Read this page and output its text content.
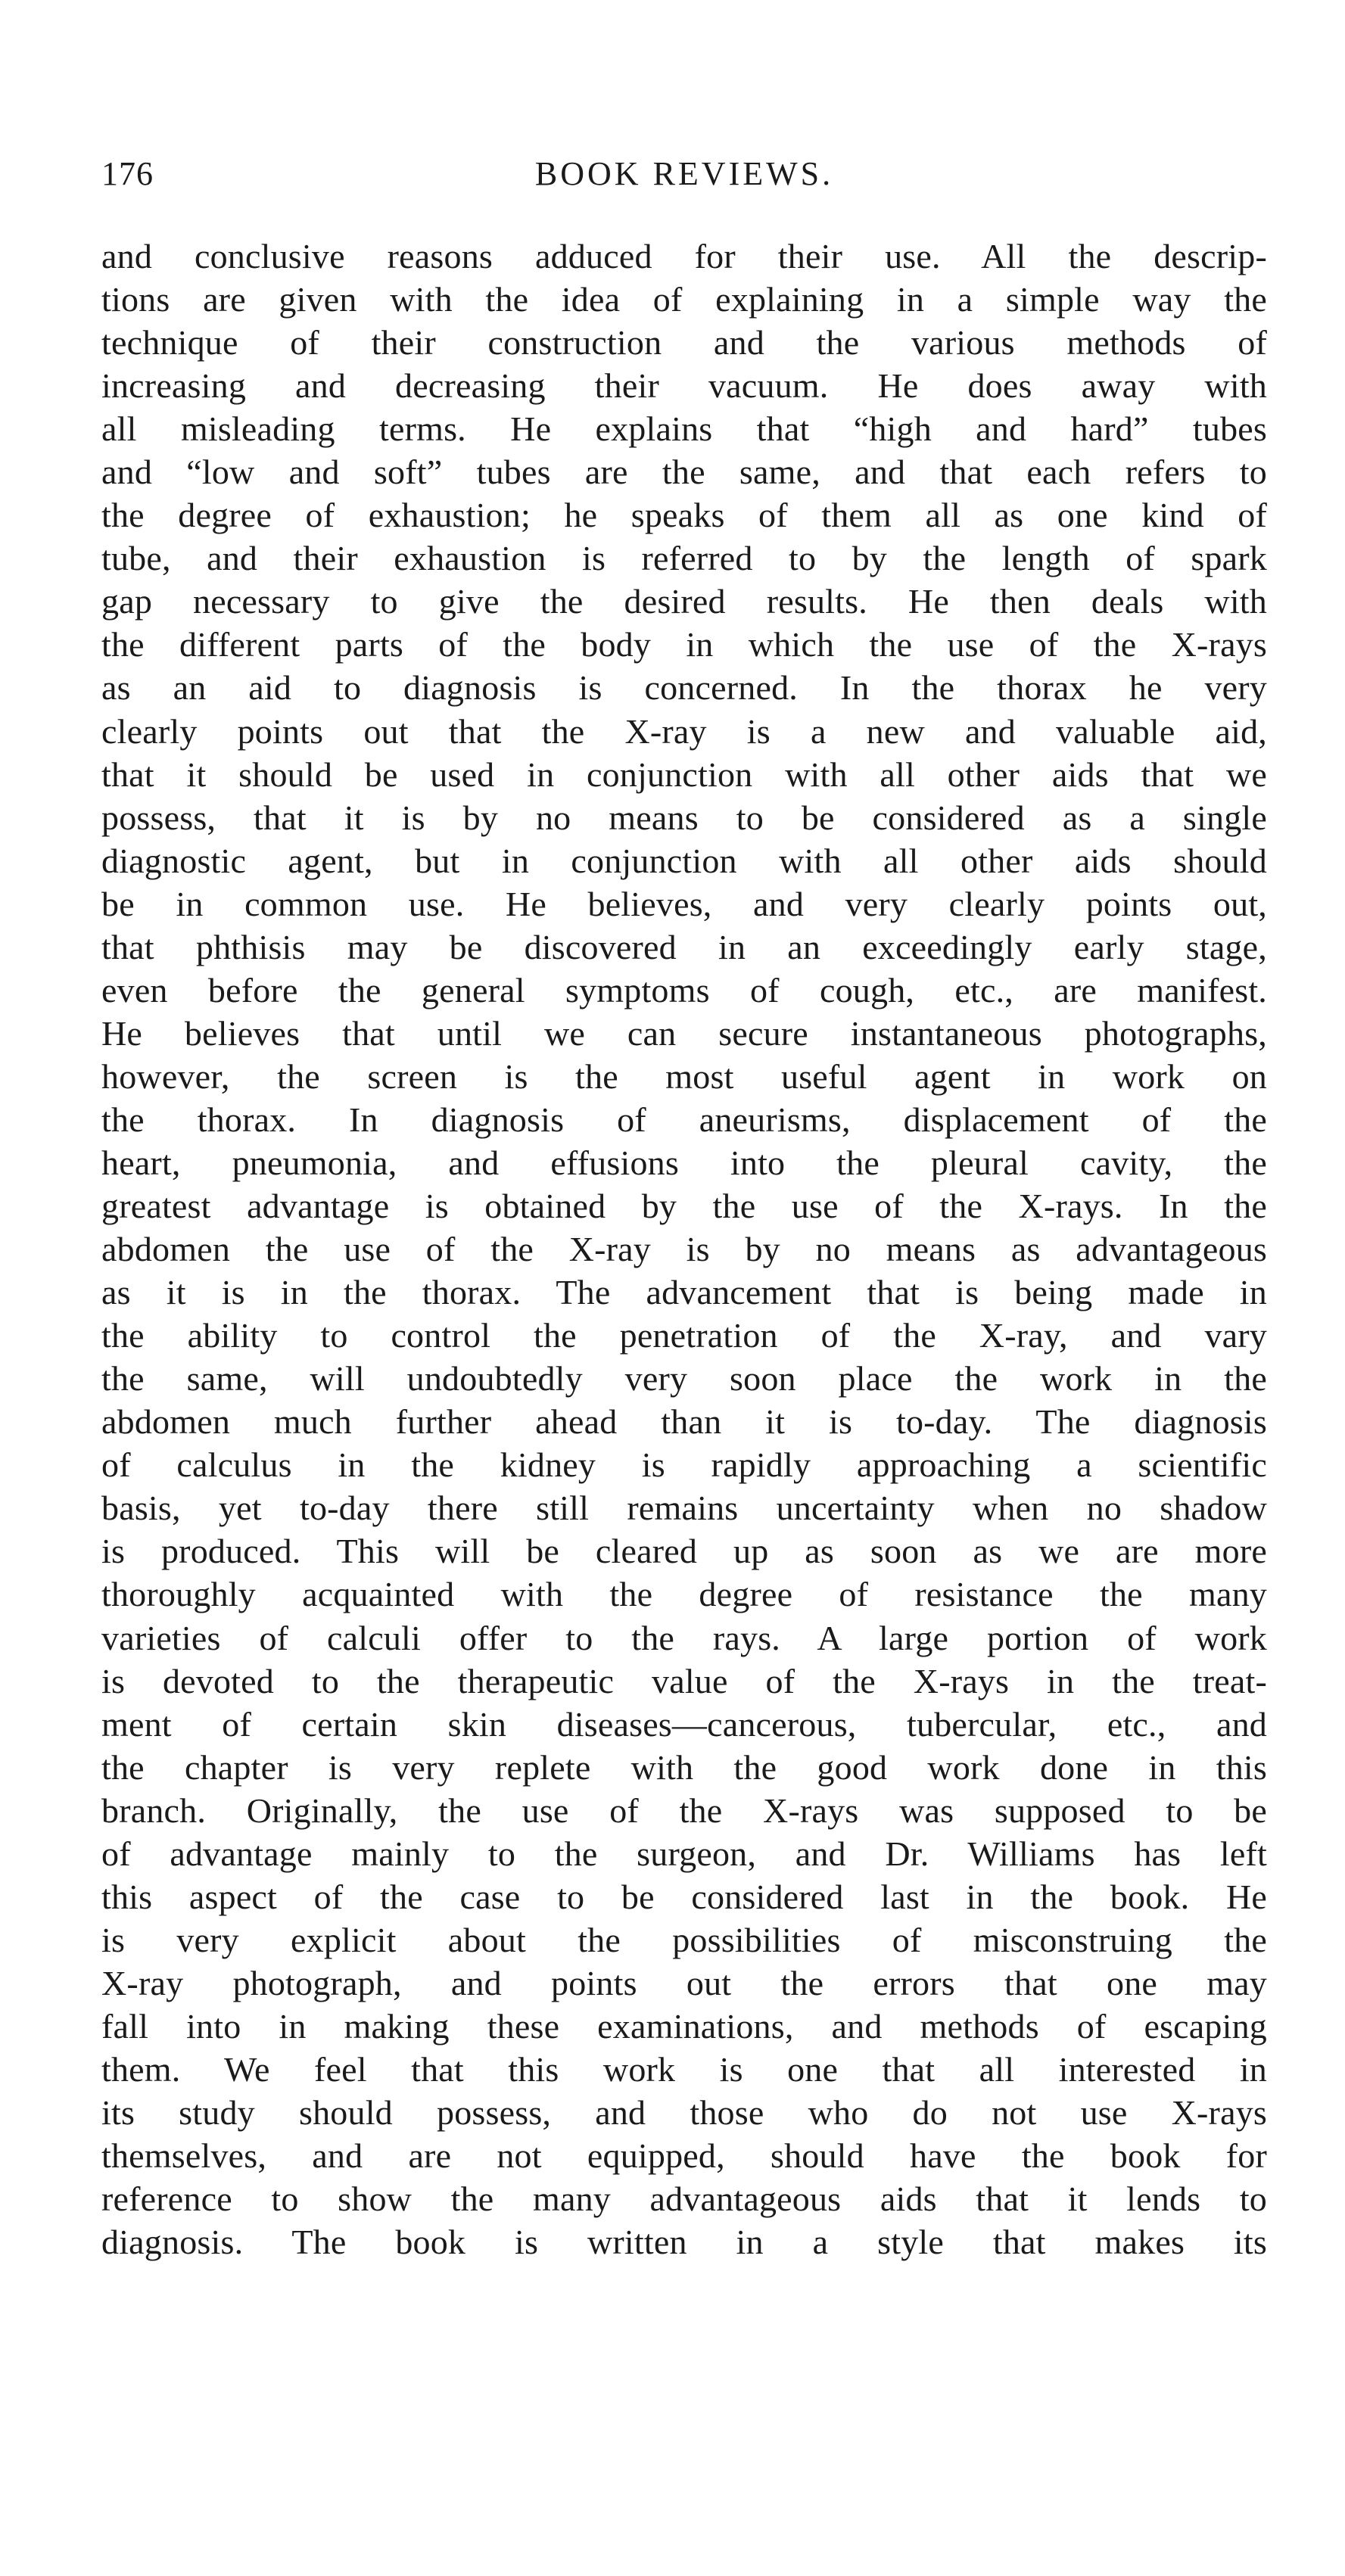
176	BOOK REVIEWS.
and conclusive reasons adduced for their use. All the descrip-
tions are given with the idea of explaining in a simple way the
technique of their construction and the various methods of
increasing and decreasing their vacuum. He does away with
all misleading terms. He explains that “high and hard” tubes
and “low and soft” tubes are the same, and that each refers to
the degree of exhaustion; he speaks of them all as one kind of
tube, and their exhaustion is referred to by the length of spark
gap necessary to give the desired results. He then deals with
the different parts of the body in which the use of the X-rays
as an aid to diagnosis is concerned. In the thorax he very
clearly points out that the X-ray is a new and valuable aid,
that it should be used in conjunction with all other aids that we
possess, that it is by no means to be considered as a single
diagnostic agent, but in conjunction with all other aids should
be in common use. He believes, and very clearly points out,
that phthisis may be discovered in an exceedingly early stage,
even before the general symptoms of cough, etc., are manifest.
He believes that until we can secure instantaneous photographs,
however, the screen is the most useful agent in work on
the thorax. In diagnosis of aneurisms, displacement of the
heart, pneumonia, and effusions into the pleural cavity, the
greatest advantage is obtained by the use of the X-rays. In the
abdomen the use of the X-ray is by no means as advantageous
as it is in the thorax. The advancement that is being made in
the ability to control the penetration of the X-ray, and vary
the same, will undoubtedly very soon place the work in the
abdomen much further ahead than it is to-day. The diagnosis
of calculus in the kidney is rapidly approaching a scientific
basis, yet to-day there still remains uncertainty when no shadow
is produced. This will be cleared up as soon as we are more
thoroughly acquainted with the degree of resistance the many
varieties of calculi offer to the rays. A large portion of work
is devoted to the therapeutic value of the X-rays in the treat-
ment of certain skin diseases—cancerous, tubercular, etc., and
the chapter is very replete with the good work done in this
branch. Originally, the use of the X-rays was supposed to be
of advantage mainly to the surgeon, and Dr. Williams has left
this aspect of the case to be considered last in the book. He
is very explicit about the possibilities of misconstruing the
X-ray photograph, and points out the errors that one may
fall into in making these examinations, and methods of escaping
them. We feel that this work is one that all interested in
its study should possess, and those who do not use X-rays
themselves, and are not equipped, should have the book for
reference to show the many advantageous aids that it lends to
diagnosis. The book is written in a style that makes its
